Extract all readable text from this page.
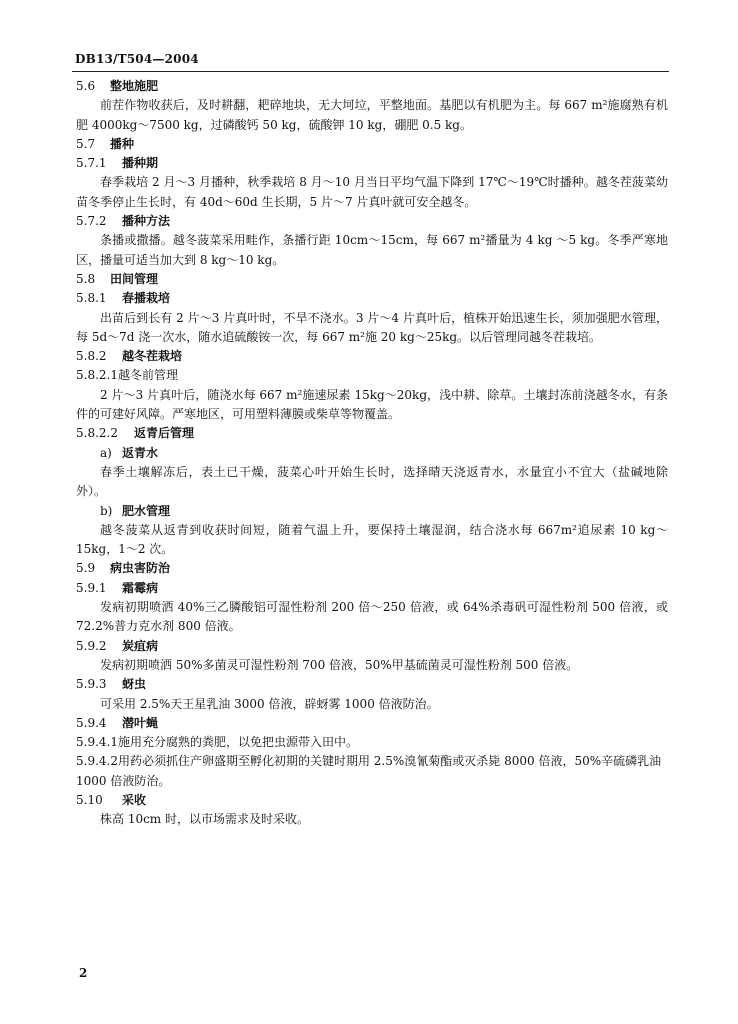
DB13/T504—2004
5.6 整地施肥
前茬作物收获后，及时耕翻，耙碎地块，无大坷垃，平整地面。基肥以有机肥为主。每 667 m²施腐熟有机肥 4000kg～7500 kg，过磷酸钙 50 kg，硫酸钾 10 kg，硼肥 0.5 kg。
5.7 播种
5.7.1 播种期
春季栽培 2 月～3 月播种，秋季栽培 8 月～10 月当日平均气温下降到 17℃～19℃时播种。越冬茬菠菜幼苗冬季停止生长时，有 40d～60d 生长期，5 片～7 片真叶就可安全越冬。
5.7.2 播种方法
条播或撒播。越冬菠菜采用畦作，条播行距 10cm～15cm，每 667 m²播量为 4 kg ～5 kg。冬季严寒地区，播量可适当加大到 8 kg～10 kg。
5.8 田间管理
5.8.1 春播栽培
出苗后到长有 2 片～3 片真叶时，不旱不浇水。3 片～4 片真叶后，植株开始迅速生长，须加强肥水管理，每 5d～7d 浇一次水，随水追硫酸铵一次，每 667 m²施 20 kg～25kg。以后管理同越冬茬栽培。
5.8.2 越冬茬栽培
5.8.2.1越冬前管理
2 片～3 片真叶后，随浇水每 667 m²施速尿素 15kg～20kg，浅中耕、除草。土壤封冻前浇越冬水，有条件的可建好风障。严寒地区，可用塑料薄膜或柴草等物覆盖。
5.8.2.2 返青后管理
a) 返青水
春季土壤解冻后，表土已干燥，菠菜心叶开始生长时，选择晴天浇返青水，水量宜小不宜大（盐碱地除外）。
b) 肥水管理
越冬菠菜从返青到收获时间短，随着气温上升，要保持土壤湿润，结合浇水每 667m²追尿素 10 kg～15kg，1～2 次。
5.9 病虫害防治
5.9.1 霜霉病
发病初期喷洒 40%三乙膦酸铝可湿性粉剂 200 倍～250 倍液，或 64%杀毒矾可湿性粉剂 500 倍液，或 72.2%普力克水剂 800 倍液。
5.9.2 炭疽病
发病初期喷洒 50%多菌灵可湿性粉剂 700 倍液，50%甲基硫菌灵可湿性粉剂 500 倍液。
5.9.3 蚜虫
可采用 2.5%天王星乳油 3000 倍液，辟蚜雾 1000 倍液防治。
5.9.4 潜叶蝇
5.9.4.1施用充分腐熟的粪肥，以免把虫源带入田中。
5.9.4.2用药必须抓住产卵盛期至孵化初期的关键时期用 2.5%溴氰菊酯或灭杀毙 8000 倍液，50%辛硫磷乳油 1000 倍液防治。
5.10 采收
株高 10cm 时，以市场需求及时采收。
2
